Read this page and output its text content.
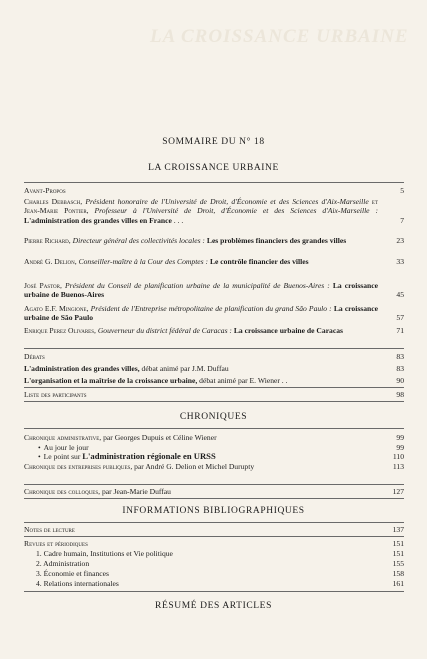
LA CROISSANCE URBAINE
SOMMAIRE DU N° 18
LA CROISSANCE URBAINE
Avant-Propos	5
Charles Debbasch, Président honoraire de l'Université de Droit, d'Économie et des Sciences d'Aix-Marseille et Jean-Marie Pontier, Professeur à l'Université de Droit, d'Économie et des Sciences d'Aix-Marseille : L'administration des grandes villes en France . . .	7
Pierre Richard, Directeur général des collectivités locales : Les problèmes financiers des grandes villes	23
André G. Delion, Conseiller-maître à la Cour des Comptes : Le contrôle financier des villes	33
José Pastor, Président du Conseil de planification urbaine de la municipalité de Buenos-Aires : La croissance urbaine de Buenos-Aires	45
Agato E.F. Mingione, Président de l'Entreprise métropolitaine de planification du grand São Paulo : La croissance urbaine de São Paulo	57
Enrique Perez Olivares, Gouverneur du district fédéral de Caracas : La croissance urbaine de Caracas	71
Débats	83
L'administration des grandes villes, débat animé par J.M. Duffau	83
L'organisation et la maîtrise de la croissance urbaine, débat animé par E. Wiener . .	90
Liste des participants	98
CHRONIQUES
Chronique administrative, par Georges Dupuis et Céline Wiener	99
• Au jour le jour	99
• Le point sur L'administration régionale en URSS	110
Chronique des entreprises publiques, par André G. Delion et Michel Durupty	113
Chronique des colloques, par Jean-Marie Duffau	127
INFORMATIONS BIBLIOGRAPHIQUES
Notes de lecture	137
Revues et périodiques	151
1. Cadre humain, Institutions et Vie politique	151
2. Administration	155
3. Économie et finances	158
4. Relations internationales	161
RÉSUMÉ DES ARTICLES
